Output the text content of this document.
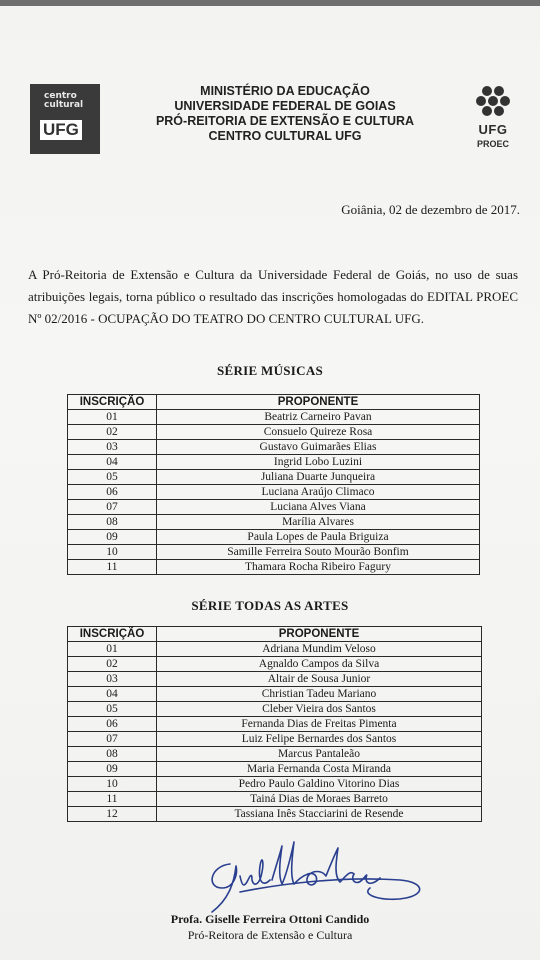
centro
cultural
UFG
MINISTÉRIO DA EDUCAÇÃO
UNIVERSIDADE FEDERAL DE GOIAS
PRÓ-REITORIA DE EXTENSÃO E CULTURA
CENTRO CULTURAL UFG	UFG
PROEC
Goiânia, 02 de dezembro de 2017.
A Pró-Reitoria de Extensão e Cultura da Universidade Federal de Goiás, no uso de suas atribuições legais, torna público o resultado das inscrições homologadas do EDITAL PROEC Nº 02/2016 - OCUPAÇÃO DO TEATRO DO CENTRO CULTURAL UFG.
SÉRIE MÚSICAS
INSCRIÇÃO	PROPONENTE
01	Beatriz Carneiro Pavan
02	Consuelo Quireze Rosa
03	Gustavo Guimarães Elias
04	Ingrid Lobo Luzini
05	Juliana Duarte Junqueira
06	Luciana Araújo Climaco
07	Luciana Alves Viana
08	Marília Alvares
09	Paula Lopes de Paula Briguiza
10	Samille Ferreira Souto Mourão Bonfim
11	Thamara Rocha Ribeiro Fagury
SÉRIE TODAS AS ARTES
INSCRIÇÃO	PROPONENTE
01	Adriana Mundim Veloso
02	Agnaldo Campos da Silva
03	Altair de Sousa Junior
04	Christian Tadeu Mariano
05	Cleber Vieira dos Santos
06	Fernanda Dias de Freitas Pimenta
07	Luiz Felipe Bernardes dos Santos
08	Marcus Pantaleão
09	Maria Fernanda Costa Miranda
10	Pedro Paulo Galdino Vitorino Dias
11	Tainá Dias de Moraes Barreto
12	Tassiana Inês Stacciarini de Resende
Profa. Giselle Ferreira Ottoni Candido
Pró-Reitora de Extensão e Cultura
